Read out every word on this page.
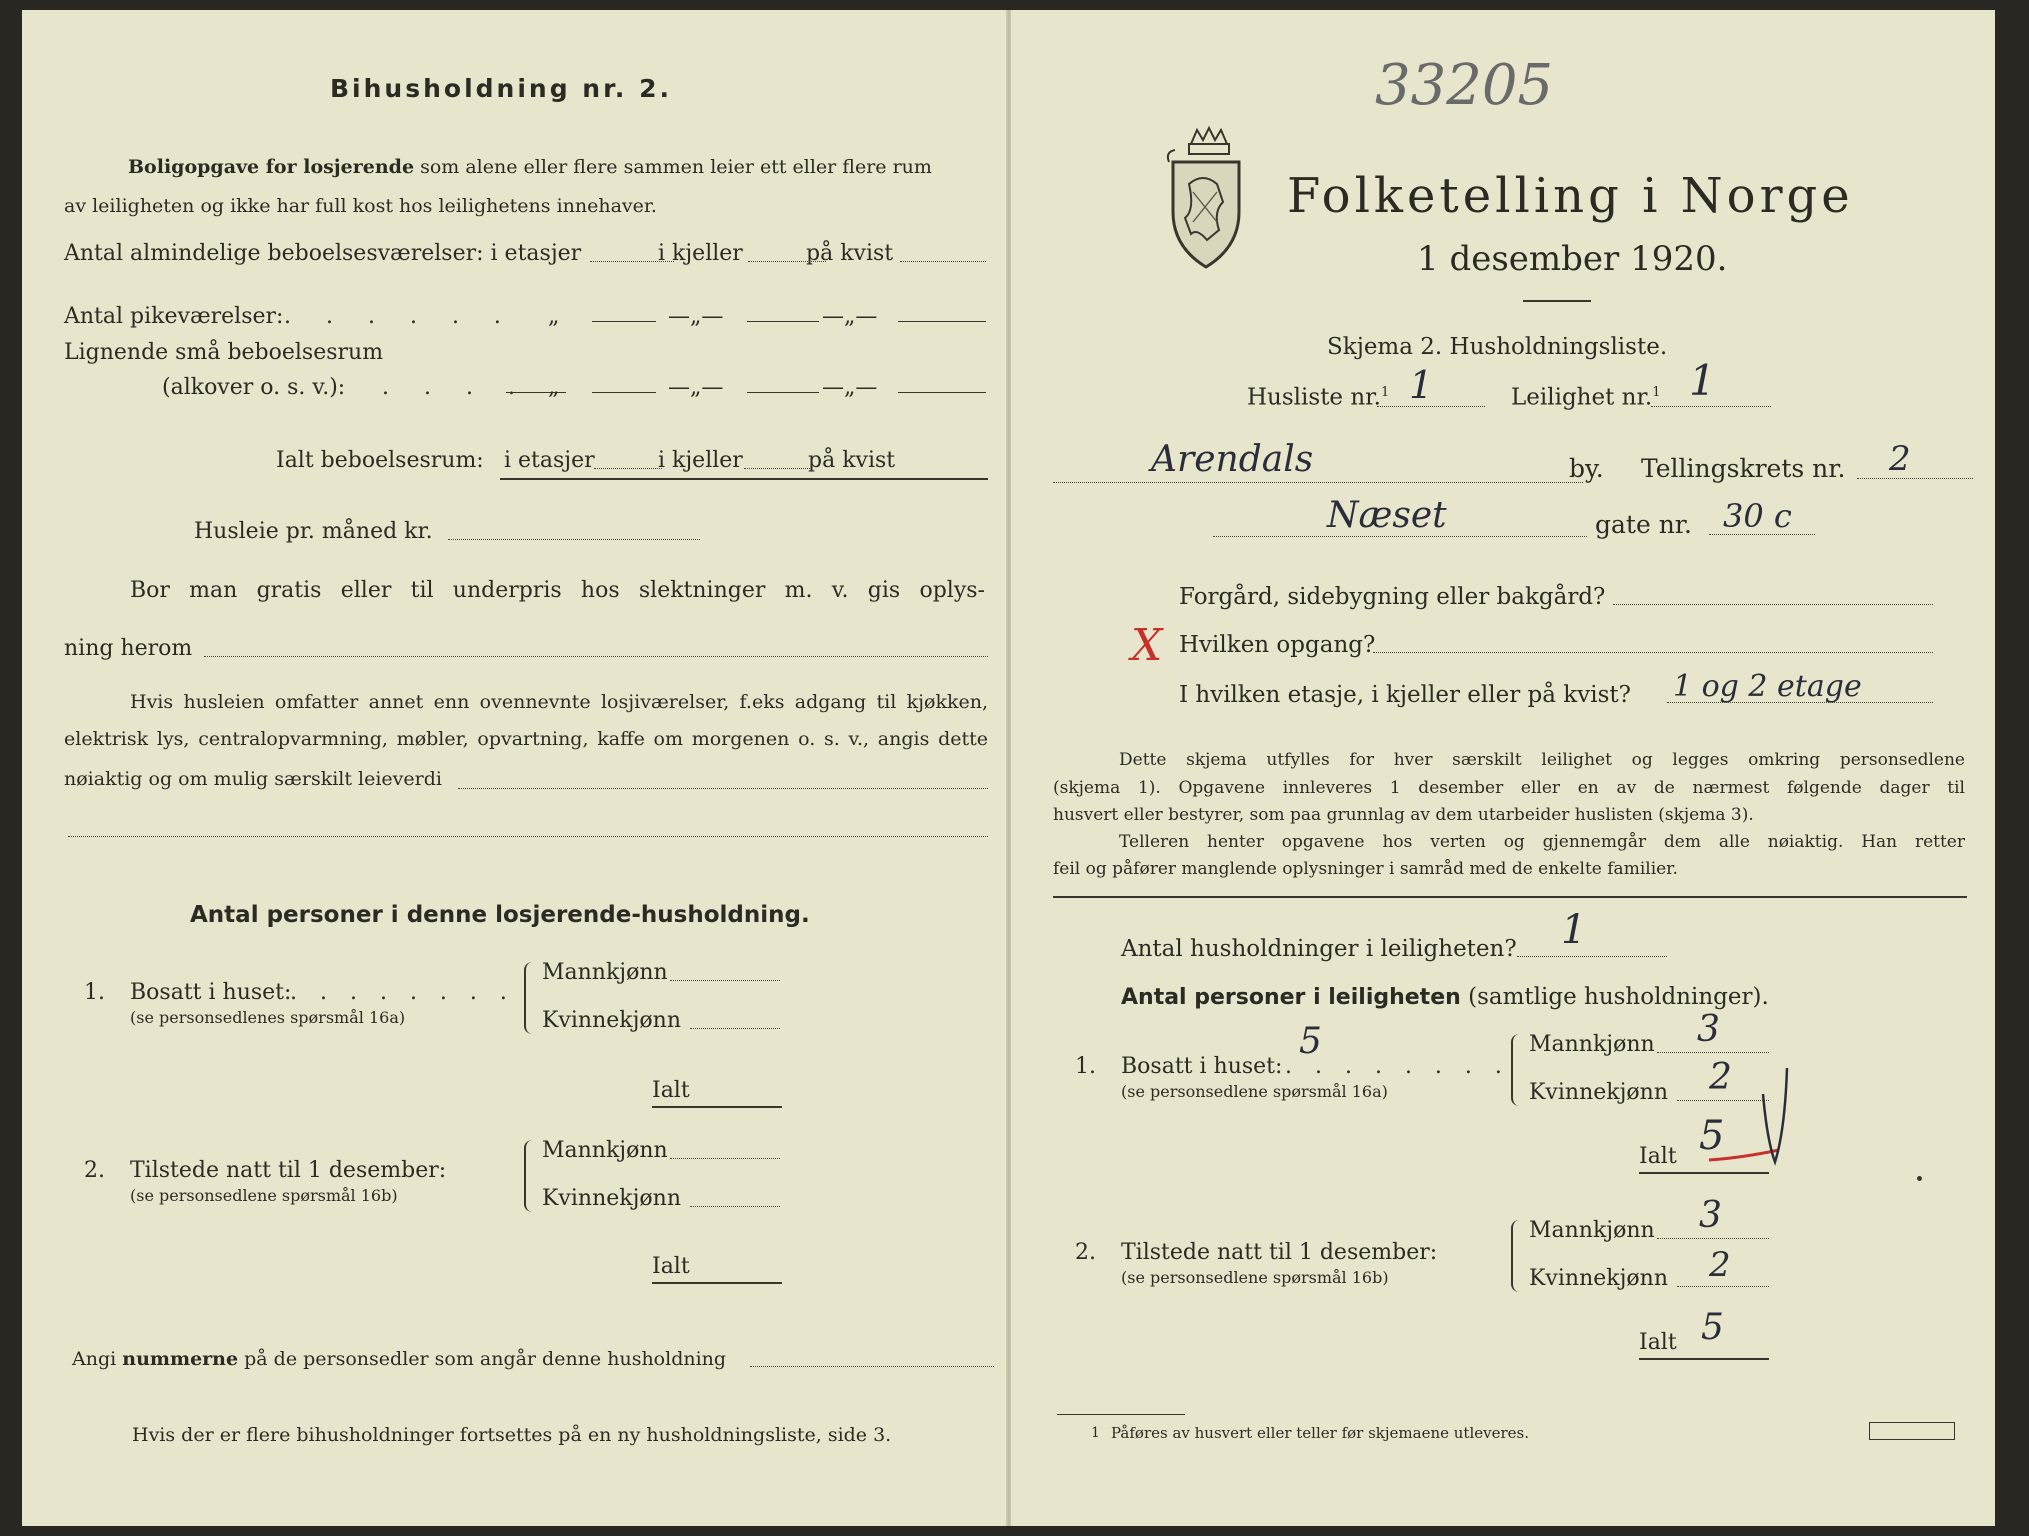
Bihusholdning nr. 2.
Boligopgave for losjerende som alene eller flere sammen leier ett eller flere rum
av leiligheten og ikke har full kost hos leilighetens innehaver.
Antal almindelige beboelsesværelser: i etasjer	i kjeller	på kvist
Antal pikeværelser: . . . . . . „	—„—	—„—
Lignende små beboelsesrum
(alkover o. s. v.): . . . . „	—„—	—„—
Ialt beboelsesrum: i etasjer	i kjeller	på kvist
Husleie pr. måned kr.
Bor man gratis eller til underpris hos slektninger m. v. gis oplys-
ning herom
Hvis husleien omfatter annet enn ovennevnte losjiværelser, f.eks adgang til kjøkken,
elektrisk lys, centralopvarmning, møbler, opvartning, kaffe om morgenen o. s. v., angis dette
nøiaktig og om mulig særskilt leieverdi
Antal personer i denne losjerende-husholdning.
1. Bosatt i huset:
. . . . . . . .
(se personsedlenes spørsmål 16a)
Mannkjønn
Kvinnekjønn
Ialt
2. Tilstede natt til 1 desember:
(se personsedlene spørsmål 16b)
Mannkjønn
Kvinnekjønn
Ialt
Angi nummerne på de personsedler som angår denne husholdning
Hvis der er flere bihusholdninger fortsettes på en ny husholdningsliste, side 3.
33205
Folketelling i Norge
1 desember 1920.
Skjema 2. Husholdningsliste.
Husliste nr.$^1$ 1	Leilighet nr.$^1$ 1
Arendals	by. Tellingskrets nr. 2
Næset	gate nr. 30 c
Forgård, sidebygning eller bakgård?
X Hvilken opgang?
I hvilken etasje, i kjeller eller på kvist? 1 og 2 etage
Dette skjema utfylles for hver særskilt leilighet og legges omkring personsedlene
(skjema 1). Opgavene innleveres 1 desember eller en av de nærmest følgende dager til
husvert eller bestyrer, som paa grunnlag av dem utarbeider huslisten (skjema 3).
Telleren henter opgavene hos verten og gjennemgår dem alle nøiaktig. Han retter
feil og påfører manglende oplysninger i samråd med de enkelte familier.
Antal husholdninger i leiligheten? 1
Antal personer i leiligheten (samtlige husholdninger).
1. Bosatt i huset: . . . . . . . .
5
(se personsedlene spørsmål 16a)
Mannkjønn 3
Kvinnekjønn 2
Ialt 5
2. Tilstede natt til 1 desember:
(se personsedlene spørsmål 16b)
Mannkjønn 3
Kvinnekjønn 2
Ialt 5
1 Påføres av husvert eller teller før skjemaene utleveres.
